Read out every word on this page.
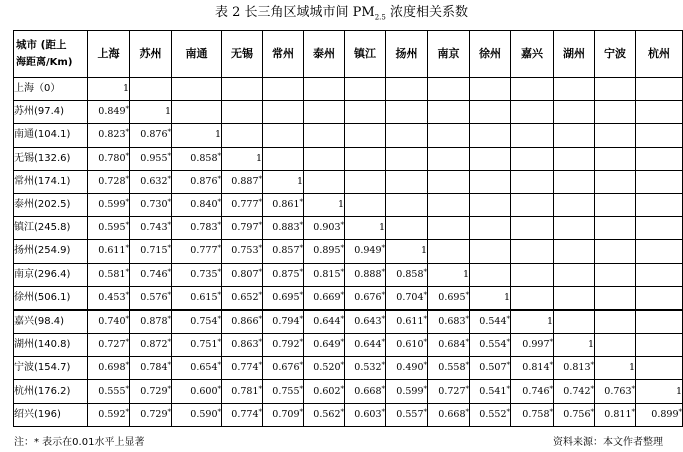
表 2 长三角区域城市间 $PM_{2.5}$ 浓度相关系数
城市 (距上
海距离/Km)	上海	苏州	南通	无锡	常州	泰州	镇江	扬州	南京	徐州	嘉兴	湖州	宁波	杭州
上海（0）	1													
苏州(97.4)	0.849*	1												
南通(104.1)	0.823*	0.876*	1											
无锡(132.6)	0.780*	0.955*	0.858*	1										
常州(174.1)	0.728*	0.632*	0.876*	0.887*	1									
泰州(202.5)	0.599*	0.730*	0.840*	0.777*	0.861*	1								
镇江(245.8)	0.595*	0.743*	0.783*	0.797*	0.883*	0.903*	1							
扬州(254.9)	0.611*	0.715*	0.777*	0.753*	0.857*	0.895*	0.949*	1						
南京(296.4)	0.581*	0.746*	0.735*	0.807*	0.875*	0.815*	0.888*	0.858*	1					
徐州(506.1)	0.453*	0.576*	0.615*	0.652*	0.695*	0.669*	0.676*	0.704*	0.695*	1				
嘉兴(98.4)	0.740*	0.878*	0.754*	0.866*	0.794*	0.644*	0.643*	0.611*	0.683*	0.544*	1			
湖州(140.8)	0.727*	0.872*	0.751*	0.863*	0.792*	0.649*	0.644*	0.610*	0.684*	0.554*	0.997*	1		
宁波(154.7)	0.698*	0.784*	0.654*	0.774*	0.676*	0.520*	0.532*	0.490*	0.558*	0.507*	0.814*	0.813*	1	
杭州(176.2)	0.555*	0.729*	0.600*	0.781*	0.755*	0.602*	0.668*	0.599*	0.727*	0.541*	0.746*	0.742*	0.763*	1
绍兴(196)	0.592*	0.729*	0.590*	0.774*	0.709*	0.562*	0.603*	0.557*	0.668*	0.552*	0.758*	0.756*	0.811*	0.899*
注：* 表示在0.01水平上显著	资料来源：本文作者整理
